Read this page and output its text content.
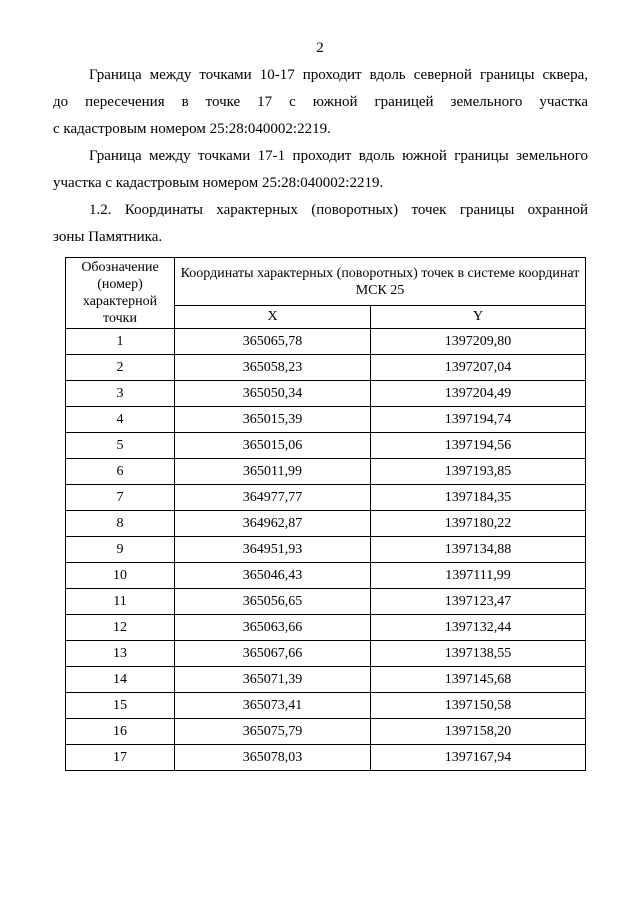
2

Граница между точками 10-17 проходит вдоль северной границы сквера,
до пересечения в точке 17 с южной границей земельного участка
с кадастровым номером 25:28:040002:2219.

Граница между точками 17-1 проходит вдоль южной границы земельного
участка с кадастровым номером 25:28:040002:2219.

1.2. Координаты характерных (поворотных) точек границы охранной
зоны Памятника.

Обозначение (номер) характерной точки	Координаты характерных (поворотных) точек в системе координат МСК 25	
	X	Y
1	365065,78	1397209,80
2	365058,23	1397207,04
3	365050,34	1397204,49
4	365015,39	1397194,74
5	365015,06	1397194,56
6	365011,99	1397193,85
7	364977,77	1397184,35
8	364962,87	1397180,22
9	364951,93	1397134,88
10	365046,43	1397111,99
11	365056,65	1397123,47
12	365063,66	1397132,44
13	365067,66	1397138,55
14	365071,39	1397145,68
15	365073,41	1397150,58
16	365075,79	1397158,20
17	365078,03	1397167,94
